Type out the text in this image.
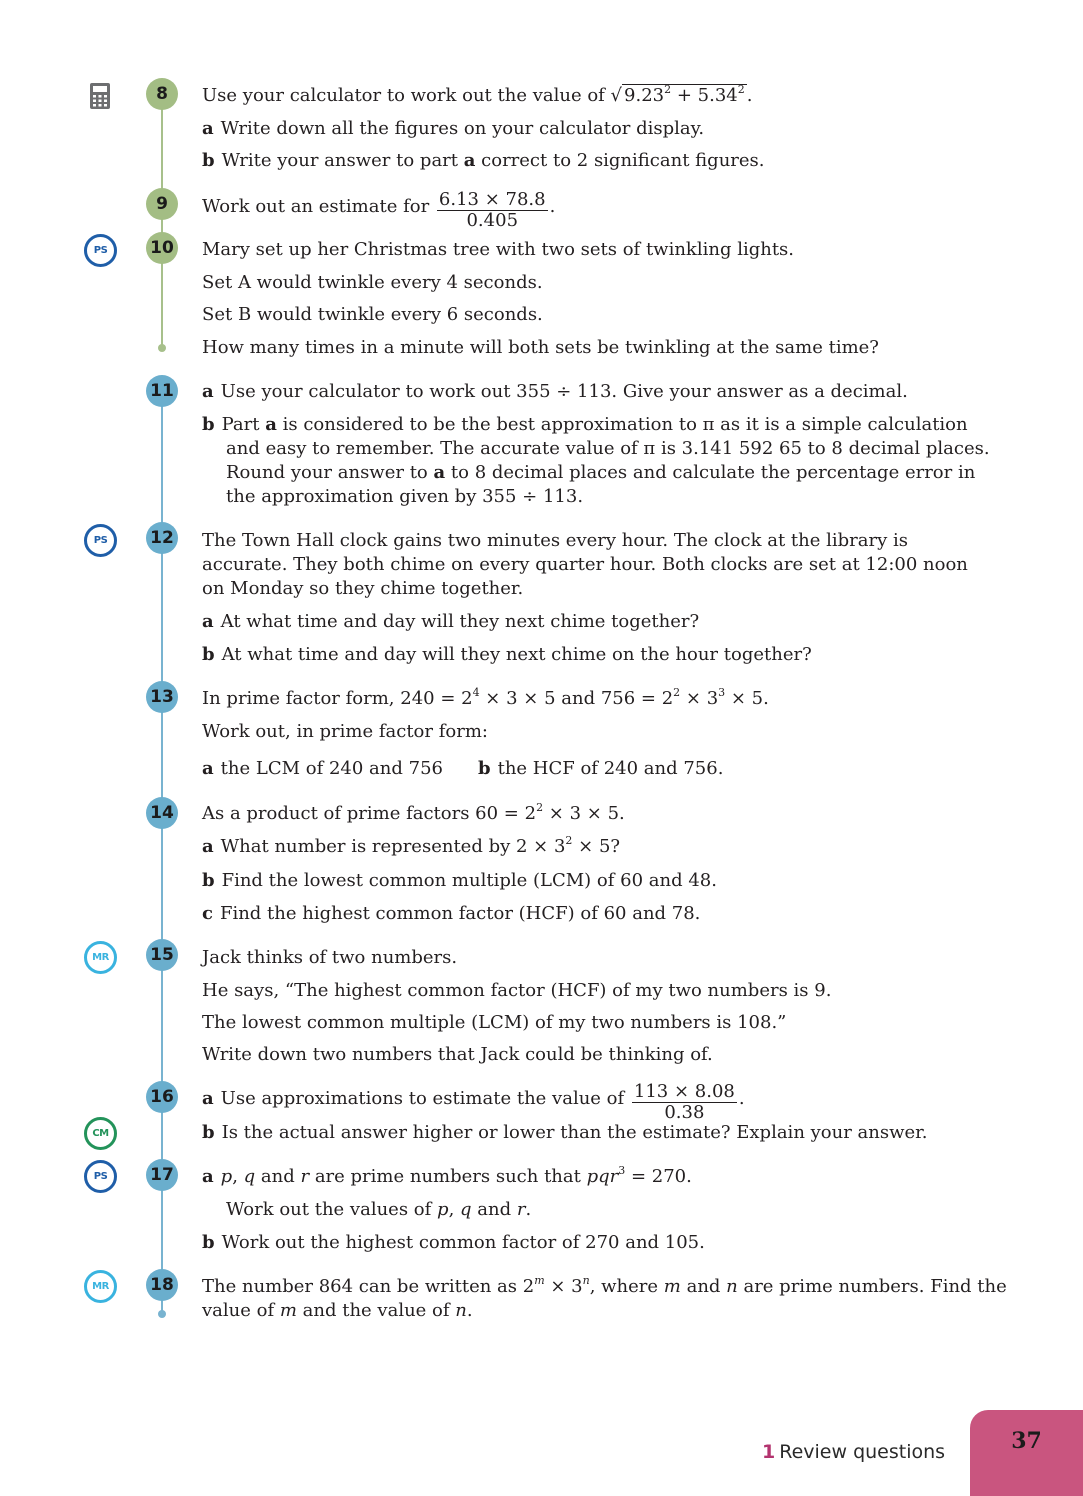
PS
PS
MR
CM
PS
MR
8
9
10
11
12
13
14
15
16
17
18
Use your calculator to work out the value of √ $9.23^2 + 5.34^2$ .
a Write down all the figures on your calculator display.
b Write your answer to part a correct to 2 significant figures.
Work out an estimate for $\frac{6.13 \times 78.8}{0.405}$ .
Mary set up her Christmas tree with two sets of twinkling lights.
Set A would twinkle every 4 seconds.
Set B would twinkle every 6 seconds.
How many times in a minute will both sets be twinkling at the same time?
a Use your calculator to work out 355 ÷ 113. Give your answer as a decimal.
b Part a is considered to be the best approximation to π as it is a simple calculation
and easy to remember. The accurate value of π is 3.141 592 65 to 8 decimal places.
Round your answer to a to 8 decimal places and calculate the percentage error in
the approximation given by 355 ÷ 113.
The Town Hall clock gains two minutes every hour. The clock at the library is
accurate. They both chime on every quarter hour. Both clocks are set at 12:00 noon
on Monday so they chime together.
a At what time and day will they next chime together?
b At what time and day will they next chime on the hour together?
In prime factor form, $240 = 2^4 \times 3 \times 5$ and $756 = 2^2 \times 3^3 \times 5$.
Work out, in prime factor form:
a the LCM of 240 and 756 b the HCF of 240 and 756.
As a product of prime factors $60 = 2^2 \times 3 \times 5$.
a What number is represented by $2 \times 3^2 \times 5$?
b Find the lowest common multiple (LCM) of 60 and 48.
c Find the highest common factor (HCF) of 60 and 78.
Jack thinks of two numbers.
He says, “The highest common factor (HCF) of my two numbers is 9.
The lowest common multiple (LCM) of my two numbers is 108.”
Write down two numbers that Jack could be thinking of.
a Use approximations to estimate the value of $\frac{113 \times 8.08}{0.38}$ .
b Is the actual answer higher or lower than the estimate? Explain your answer.
a p, q and r are prime numbers such that pqr$^3$ = 270.
Work out the values of p, q and r.
b Work out the highest common factor of 270 and 105.
The number 864 can be written as $2^m \times 3^n$, where m and n are prime numbers. Find the
value of m and the value of n.
1 Review questions	37
